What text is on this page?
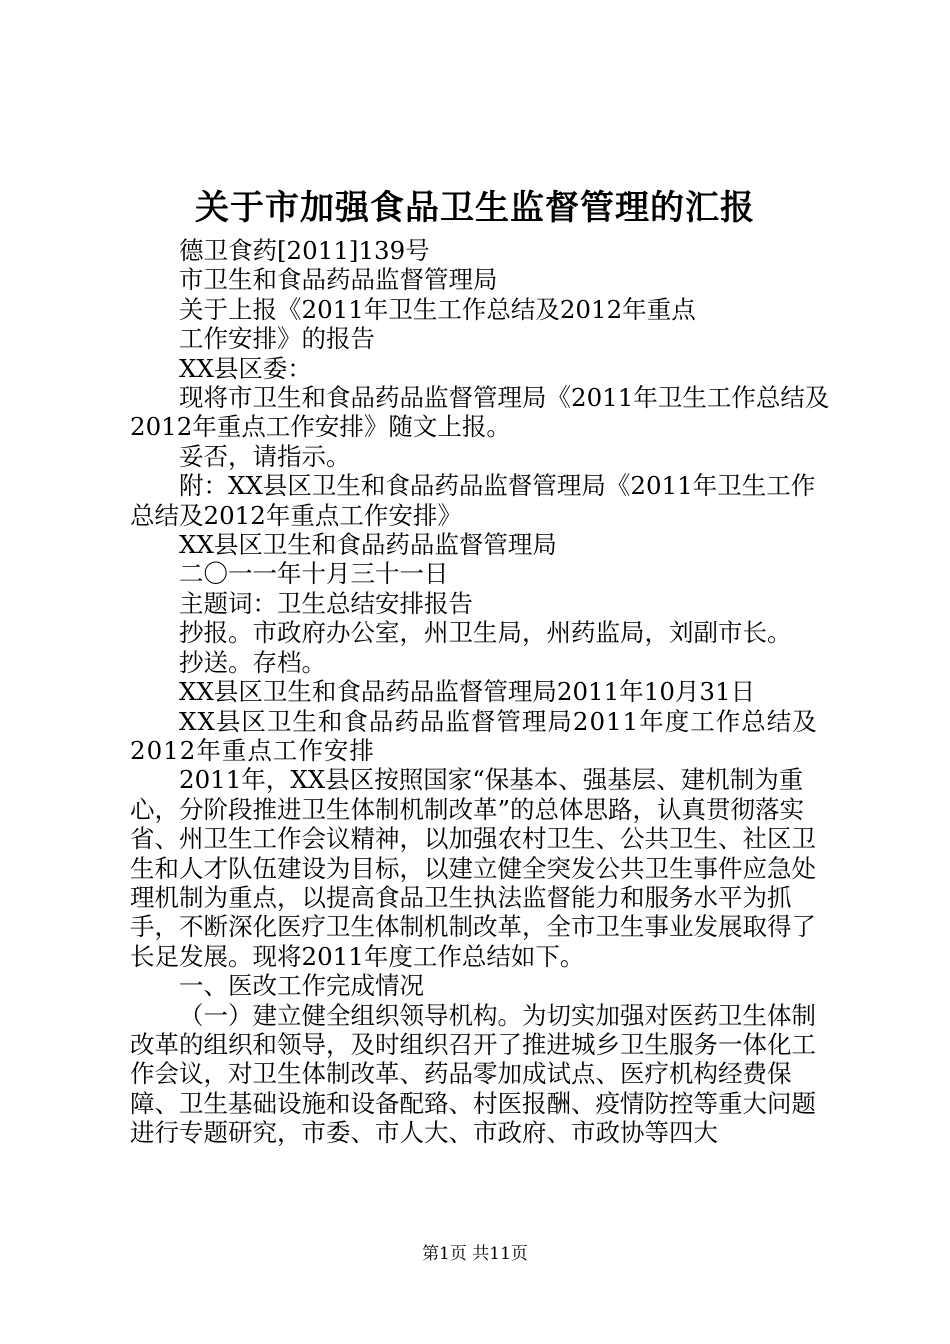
关于市加强食品卫生监督管理的汇报

德卫食药[2011]139号

市卫生和食品药品监督管理局

关于上报《2011年卫生工作总结及2012年重点

工作安排》的报告

XX县区委：

现将市卫生和食品药品监督管理局《2011年卫生工作总结及2012年重点工作安排》随文上报。

妥否，请指示。

附：XX县区卫生和食品药品监督管理局《2011年卫生工作总结及2012年重点工作安排》

XX县区卫生和食品药品监督管理局

二〇一一年十月三十一日

主题词：卫生总结安排报告

抄报。市政府办公室，州卫生局，州药监局，刘副市长。

抄送。存档。

XX县区卫生和食品药品监督管理局2011年10月31日

XX县区卫生和食品药品监督管理局2011年度工作总结及2012年重点工作安排

2011年，XX县区按照国家“保基本、强基层、建机制为重心，分阶段推进卫生体制机制改革”的总体思路，认真贯彻落实省、州卫生工作会议精神，以加强农村卫生、公共卫生、社区卫生和人才队伍建设为目标，以建立健全突发公共卫生事件应急处理机制为重点，以提高食品卫生执法监督能力和服务水平为抓手，不断深化医疗卫生体制机制改革，全市卫生事业发展取得了长足发展。现将2011年度工作总结如下。

一、医改工作完成情况

（一）建立健全组织领导机构。为切实加强对医药卫生体制改革的组织和领导，及时组织召开了推进城乡卫生服务一体化工作会议，对卫生体制改革、药品零加成试点、医疗机构经费保障、卫生基础设施和设备配臵、村医报酬、疫情防控等重大问题进行专题研究，市委、市人大、市政府、市政协等四大

第1页 共11页
